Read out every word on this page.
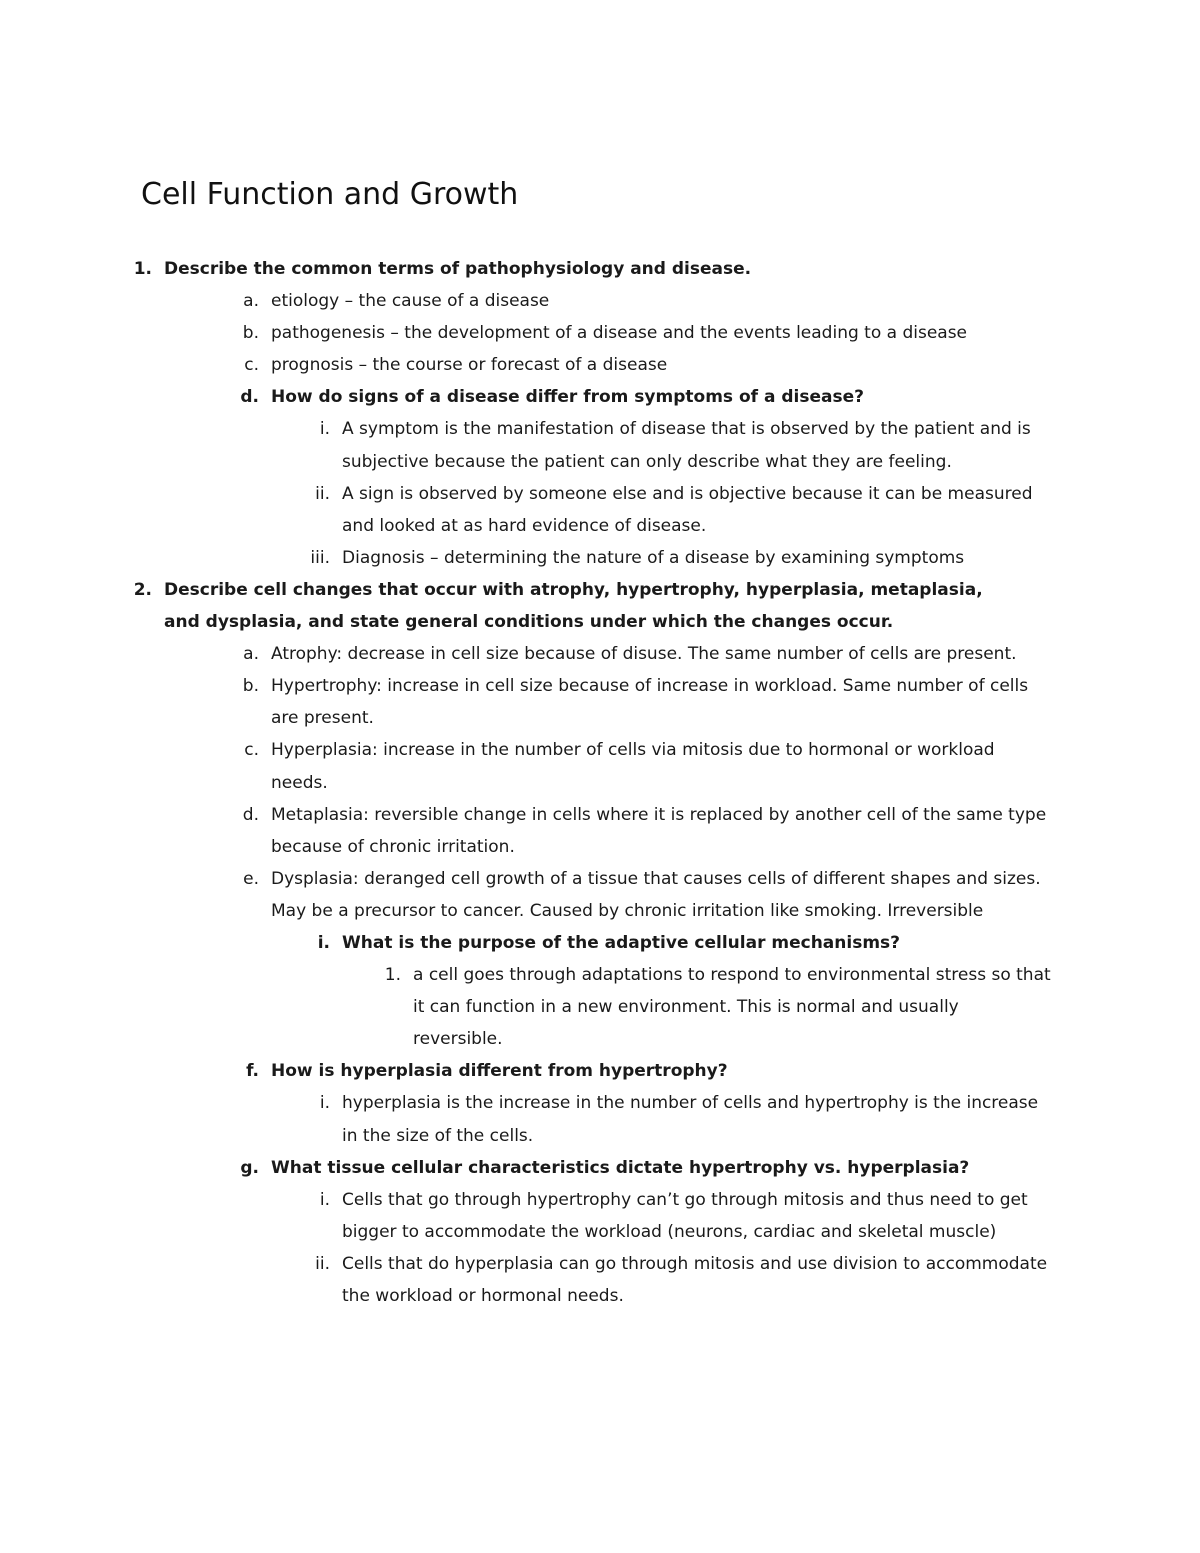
Cell Function and Growth
1. Describe the common terms of pathophysiology and disease.
a. etiology – the cause of a disease
b. pathogenesis – the development of a disease and the events leading to a disease
c. prognosis – the course or forecast of a disease
d. How do signs of a disease differ from symptoms of a disease?
i. A symptom is the manifestation of disease that is observed by the patient and is subjective because the patient can only describe what they are feeling.
ii. A sign is observed by someone else and is objective because it can be measured and looked at as hard evidence of disease.
iii. Diagnosis – determining the nature of a disease by examining symptoms
2. Describe cell changes that occur with atrophy, hypertrophy, hyperplasia, metaplasia, and dysplasia, and state general conditions under which the changes occur.
a. Atrophy: decrease in cell size because of disuse. The same number of cells are present.
b. Hypertrophy: increase in cell size because of increase in workload. Same number of cells are present.
c. Hyperplasia: increase in the number of cells via mitosis due to hormonal or workload needs.
d. Metaplasia: reversible change in cells where it is replaced by another cell of the same type because of chronic irritation.
e. Dysplasia: deranged cell growth of a tissue that causes cells of different shapes and sizes. May be a precursor to cancer. Caused by chronic irritation like smoking. Irreversible
i. What is the purpose of the adaptive cellular mechanisms?
1. a cell goes through adaptations to respond to environmental stress so that it can function in a new environment. This is normal and usually reversible.
f. How is hyperplasia different from hypertrophy?
i. hyperplasia is the increase in the number of cells and hypertrophy is the increase in the size of the cells.
g. What tissue cellular characteristics dictate hypertrophy vs. hyperplasia?
i. Cells that go through hypertrophy can’t go through mitosis and thus need to get bigger to accommodate the workload (neurons, cardiac and skeletal muscle)
ii. Cells that do hyperplasia can go through mitosis and use division to accommodate the workload or hormonal needs.
